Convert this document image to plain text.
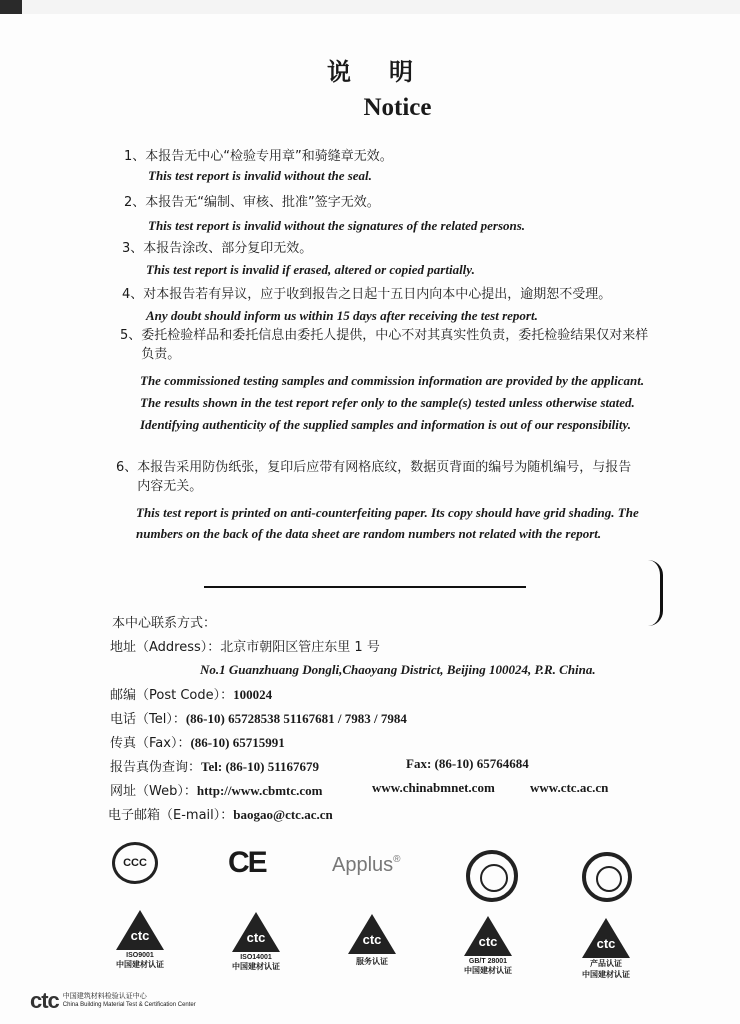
说明
Notice
1、本报告无中心“检验专用章”和骑缝章无效。
This test report is invalid without the seal.
2、本报告无“编制、审核、批准”签字无效。
This test report is invalid without the signatures of the related persons.
3、本报告涂改、部分复印无效。
This test report is invalid if erased, altered or copied partially.
4、对本报告若有异议，应于收到报告之日起十五日内向本中心提出，逾期恕不受理。
Any doubt should inform us within 15 days after receiving the test report.
5、 委托检验样品和委托信息由委托人提供，中心不对其真实性负责，委托检验结果仅对来样负责。
The commissioned testing samples and commission information are provided by the applicant. The results shown in the test report refer only to the sample(s) tested unless otherwise stated. Identifying authenticity of the supplied samples and information is out of our responsibility.
6、 本报告采用防伪纸张，复印后应带有网格底纹，数据页背面的编号为随机编号，与报告内容无关。
This test report is printed on anti-counterfeiting paper. Its copy should have grid shading. The numbers on the back of the data sheet are random numbers not related with the report.
本中心联系方式：
地址（Address）：北京市朝阳区管庄东里 1 号
No.1 Guanzhuang Dongli,Chaoyang District, Beijing 100024, P.R. China.
邮编（Post Code）：100024
电话（Tel）：(86-10) 65728538 51167681 / 7983 / 7984
传真（Fax）：(86-10) 65715991
报告真伪查询：Tel: (86-10) 51167679	Fax: (86-10) 65764684
网址（Web）：http://www.cbmtc.com	www.chinabmnet.com	www.ctc.ac.cn
电子邮箱（E-mail）：baogao@ctc.ac.cn
CCC	CE	Applus®
ctc
ISO9001
中国建材认证
ctc
ISO14001
中国建材认证
ctc
服务认证
ctc
GB/T 28001
中国建材认证
ctc
产品认证
中国建材认证
ctc 中国建筑材料检验认证中心
China Building Material Test & Certification Center
